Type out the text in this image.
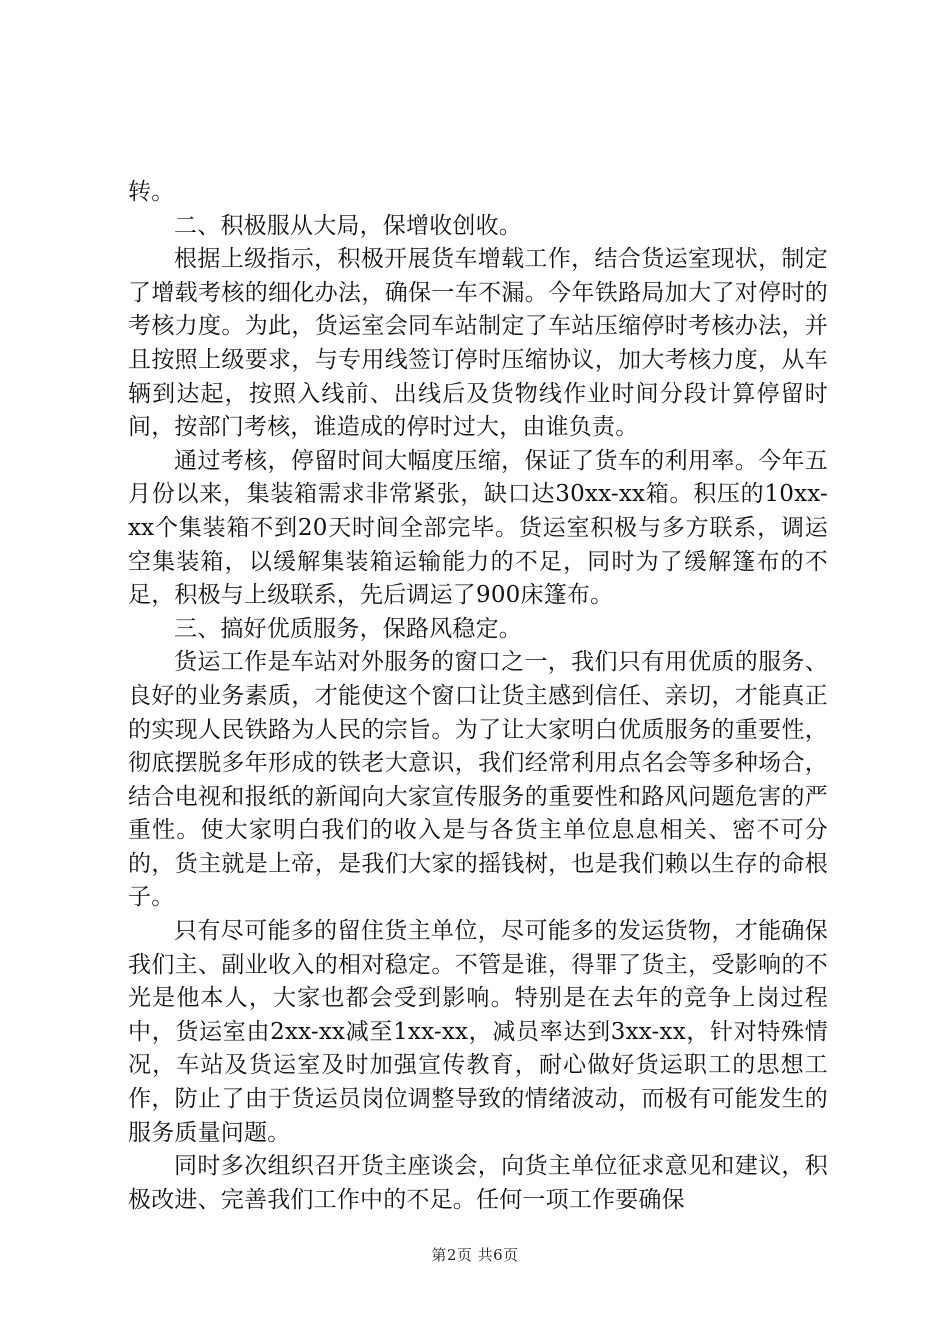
转。

二、积极服从大局，保增收创收。

根据上级指示，积极开展货车增载工作，结合货运室现状，制定了增载考核的细化办法，确保一车不漏。今年铁路局加大了对停时的考核力度。为此，货运室会同车站制定了车站压缩停时考核办法，并且按照上级要求，与专用线签订停时压缩协议，加大考核力度，从车辆到达起，按照入线前、出线后及货物线作业时间分段计算停留时间，按部门考核，谁造成的停时过大，由谁负责。

通过考核，停留时间大幅度压缩，保证了货车的利用率。今年五月份以来，集装箱需求非常紧张，缺口达30xx-xx箱。积压的10xx-xx个集装箱不到20天时间全部完毕。货运室积极与多方联系，调运空集装箱，以缓解集装箱运输能力的不足，同时为了缓解篷布的不足，积极与上级联系，先后调运了900床篷布。

三、搞好优质服务，保路风稳定。

货运工作是车站对外服务的窗口之一，我们只有用优质的服务、良好的业务素质，才能使这个窗口让货主感到信任、亲切，才能真正的实现人民铁路为人民的宗旨。为了让大家明白优质服务的重要性，彻底摆脱多年形成的铁老大意识，我们经常利用点名会等多种场合，结合电视和报纸的新闻向大家宣传服务的重要性和路风问题危害的严重性。使大家明白我们的收入是与各货主单位息息相关、密不可分的，货主就是上帝，是我们大家的摇钱树，也是我们赖以生存的命根子。

只有尽可能多的留住货主单位，尽可能多的发运货物，才能确保我们主、副业收入的相对稳定。不管是谁，得罪了货主，受影响的不光是他本人，大家也都会受到影响。特别是在去年的竞争上岗过程中，货运室由2xx-xx减至1xx-xx，减员率达到3xx-xx，针对特殊情况，车站及货运室及时加强宣传教育，耐心做好货运职工的思想工作，防止了由于货运员岗位调整导致的情绪波动，而极有可能发生的服务质量问题。

同时多次组织召开货主座谈会，向货主单位征求意见和建议，积极改进、完善我们工作中的不足。任何一项工作要确保

第2页 共6页
